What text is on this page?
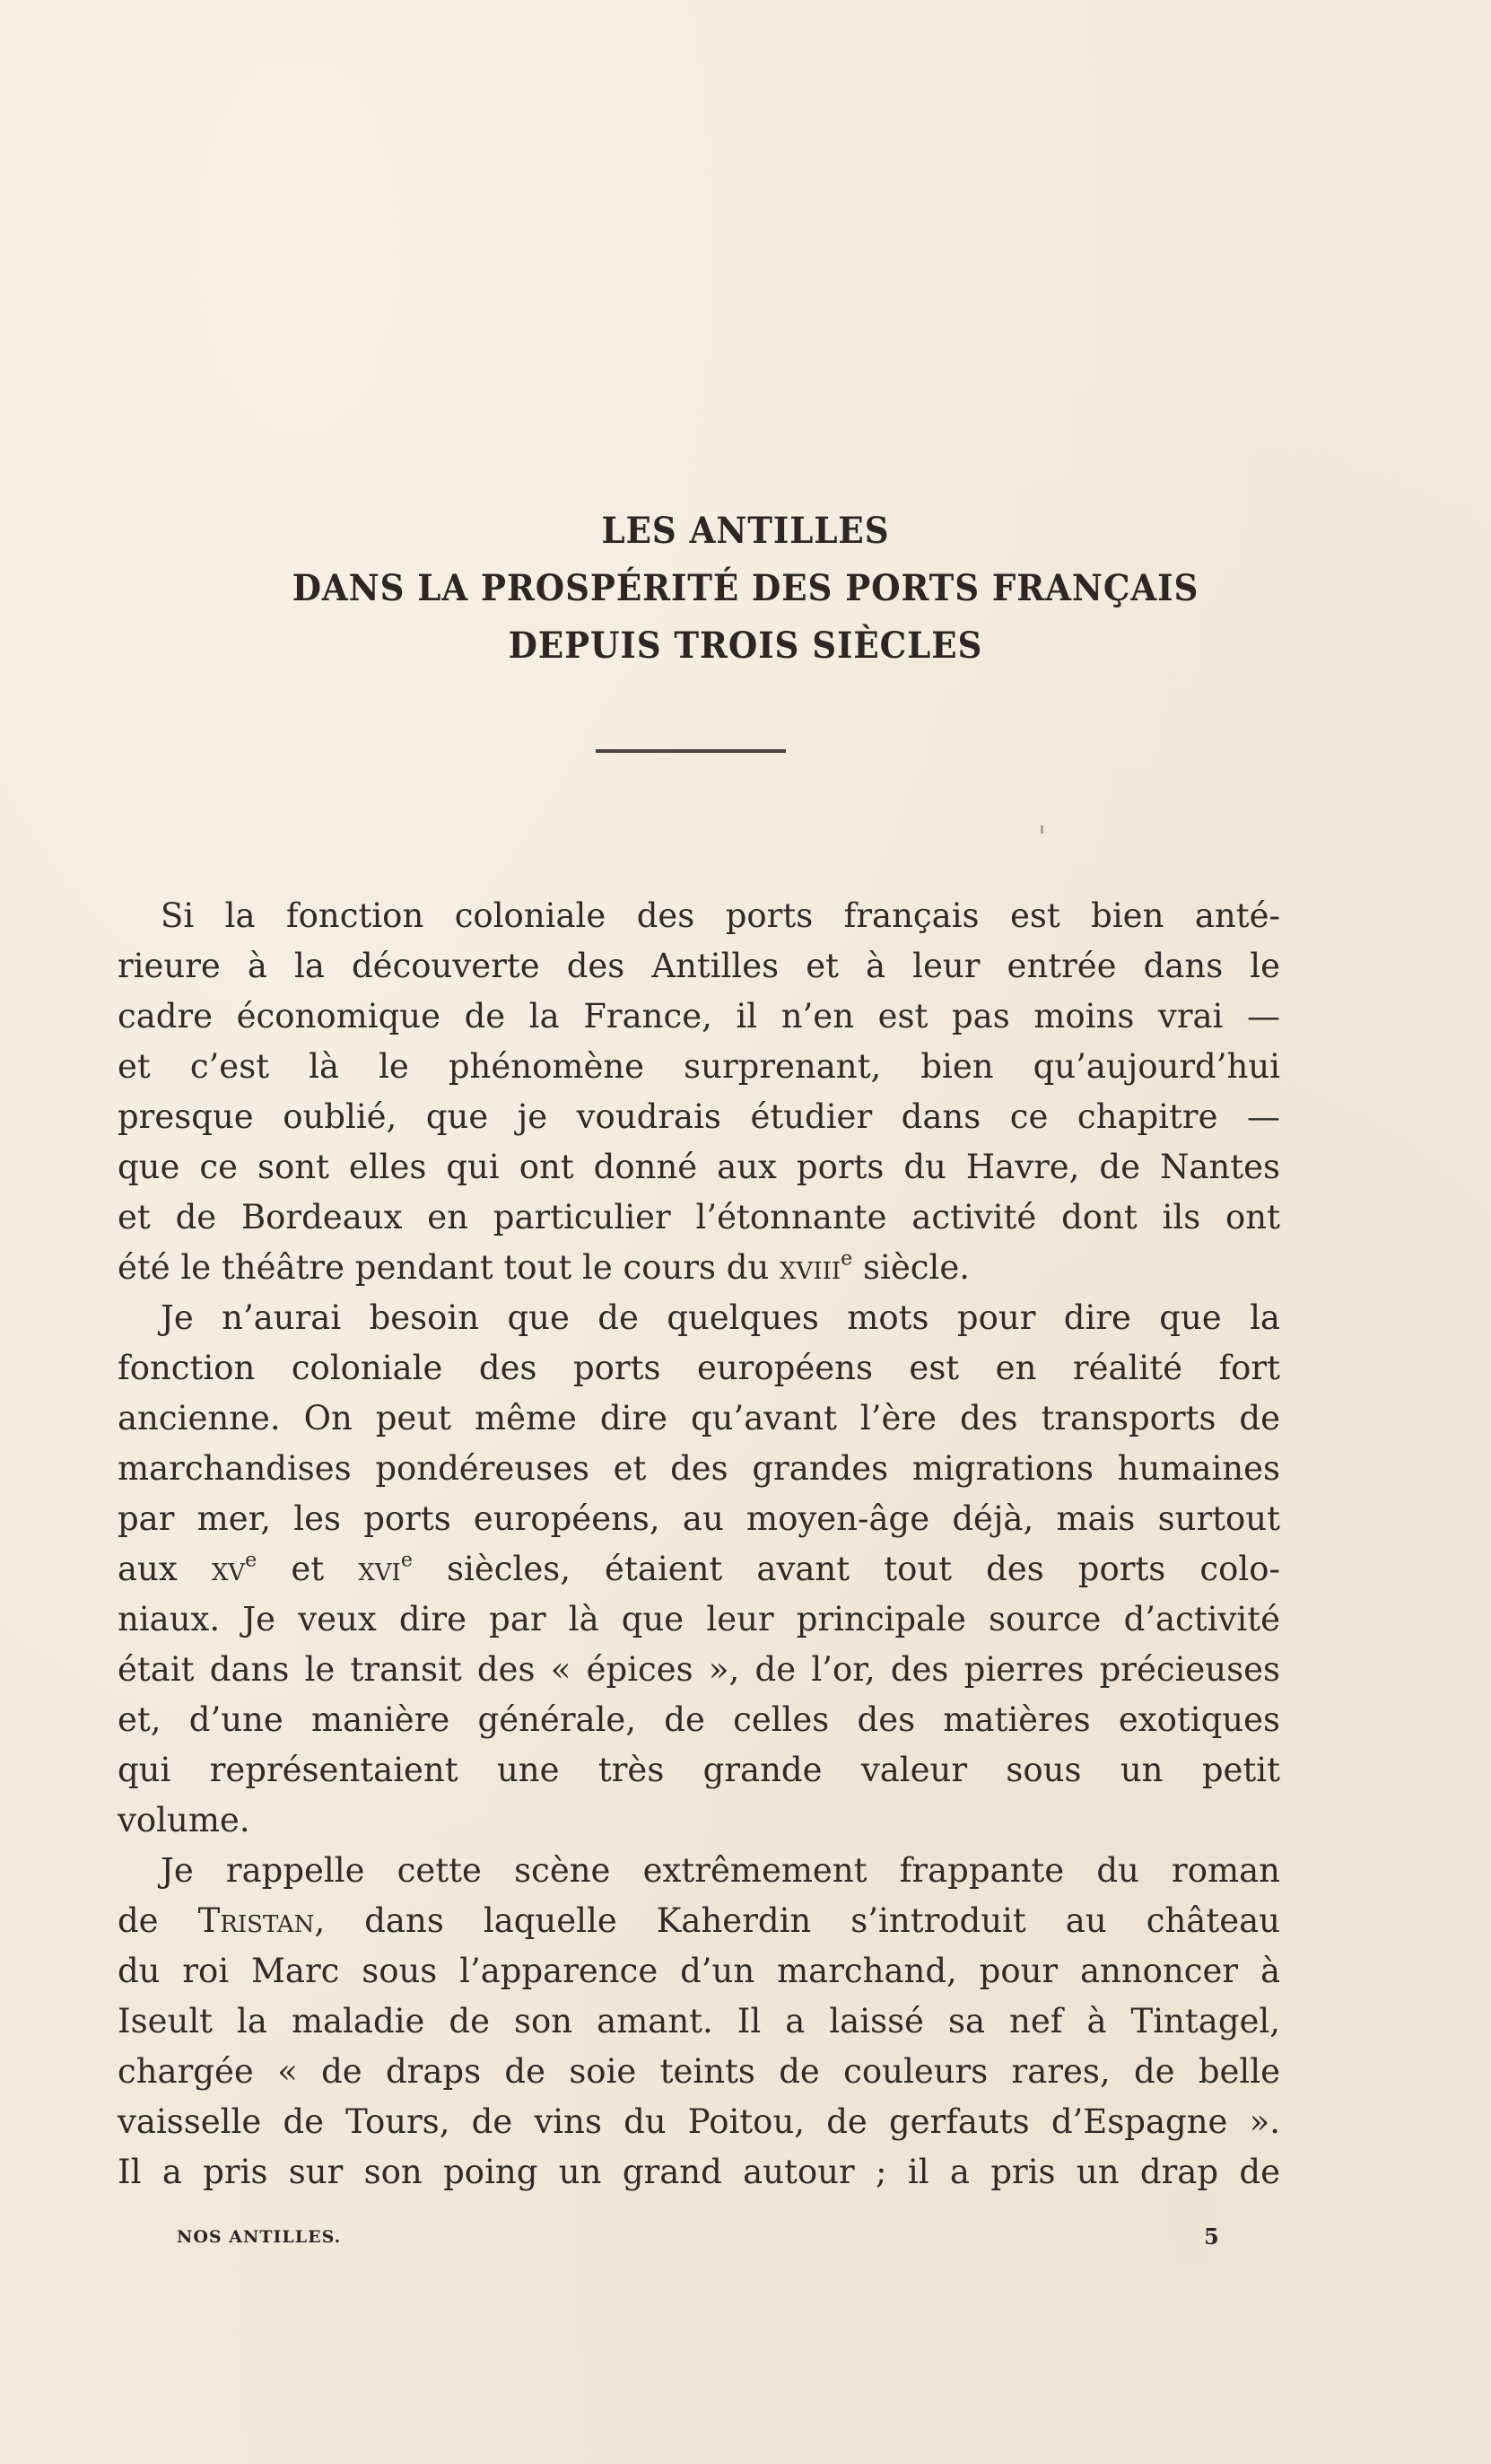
LES ANTILLES
DANS LA PROSPÉRITÉ DES PORTS FRANÇAIS
DEPUIS TROIS SIÈCLES
Si la fonction coloniale des ports français est bien anté-
rieure à la découverte des Antilles et à leur entrée dans le
cadre économique de la France, il n’en est pas moins vrai —
et c’est là le phénomène surprenant, bien qu’aujourd’hui
presque oublié, que je voudrais étudier dans ce chapitre —
que ce sont elles qui ont donné aux ports du Havre, de Nantes
et de Bordeaux en particulier l’étonnante activité dont ils ont
été le théâtre pendant tout le cours du xviii$^e$ siècle.
Je n’aurai besoin que de quelques mots pour dire que la
fonction coloniale des ports européens est en réalité fort
ancienne. On peut même dire qu’avant l’ère des transports de
marchandises pondéreuses et des grandes migrations humaines
par mer, les ports européens, au moyen-âge déjà, mais surtout
aux $xv^e$ et xvi$^e$ siècles, étaient avant tout des ports colo-
niaux. Je veux dire par là que leur principale source d’activité
était dans le transit des « épices », de l’or, des pierres précieuses
et, d’une manière générale, de celles des matières exotiques
qui représentaient une très grande valeur sous un petit
volume.
Je rappelle cette scène extrêmement frappante du roman
de Tristan, dans laquelle Kaherdin s’introduit au château
du roi Marc sous l’apparence d’un marchand, pour annoncer à
Iseult la maladie de son amant. Il a laissé sa nef à Tintagel,
chargée « de draps de soie teints de couleurs rares, de belle
vaisselle de Tours, de vins du Poitou, de gerfauts d’Espagne ».
Il a pris sur son poing un grand autour ; il a pris un drap de
NOS ANTILLES.	5
